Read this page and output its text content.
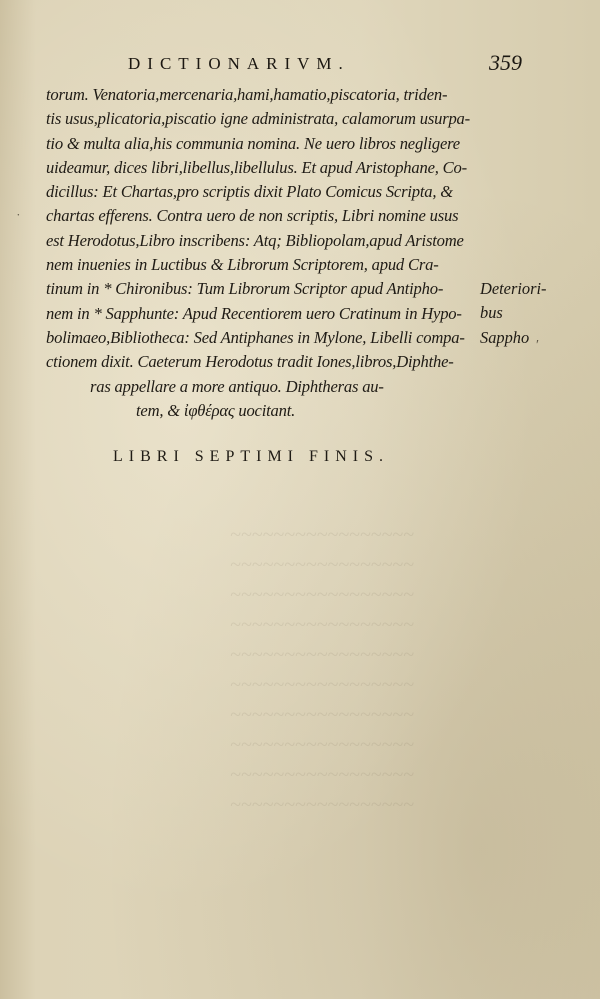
~~~~~~~~~~~~~~~~~
~~~~~~~~~~~~~~~~~
~~~~~~~~~~~~~~~~~
~~~~~~~~~~~~~~~~~
~~~~~~~~~~~~~~~~~
~~~~~~~~~~~~~~~~~
~~~~~~~~~~~~~~~~~
~~~~~~~~~~~~~~~~~
~~~~~~~~~~~~~~~~~
~~~~~~~~~~~~~~~~~
DICTIONARIVM.	359
torum. Venatoria,mercenaria,hami,hamatio,piscatoria, triden-
tis usus,plicatoria,piscatio igne administrata, calamorum usurpa-
tio & multa alia,his communia nomina. Ne uero libros negligere
uideamur, dices libri,libellus,libellulus. Et apud Aristophane, Co-
dicillus: Et Chartas,pro scriptis dixit Plato Comicus Scripta, &
chartas efferens. Contra uero de non scriptis, Libri nomine usus
est Herodotus,Libro inscribens: Atq; Bibliopolam,apud Aristome
nem inuenies in Luctibus & Librorum Scriptorem, apud Cra-
tinum in * Chironibus: Tum Librorum Scriptor apud Antipho-
nem in * Sapphunte: Apud Recentiorem uero Cratinum in Hypo-
bolimaeo,Bibliotheca: Sed Antiphanes in Mylone, Libelli compa-
ctionem dixit. Caeterum Herodotus tradit Iones,libros,Diphthe-
ras appellare a more antiquo. Diphtheras au-
tem, & ἰφθέρας uocitant.
Deteriori-
bus
Sappho
LIBRI SEPTIMI FINIS.
˙
′
